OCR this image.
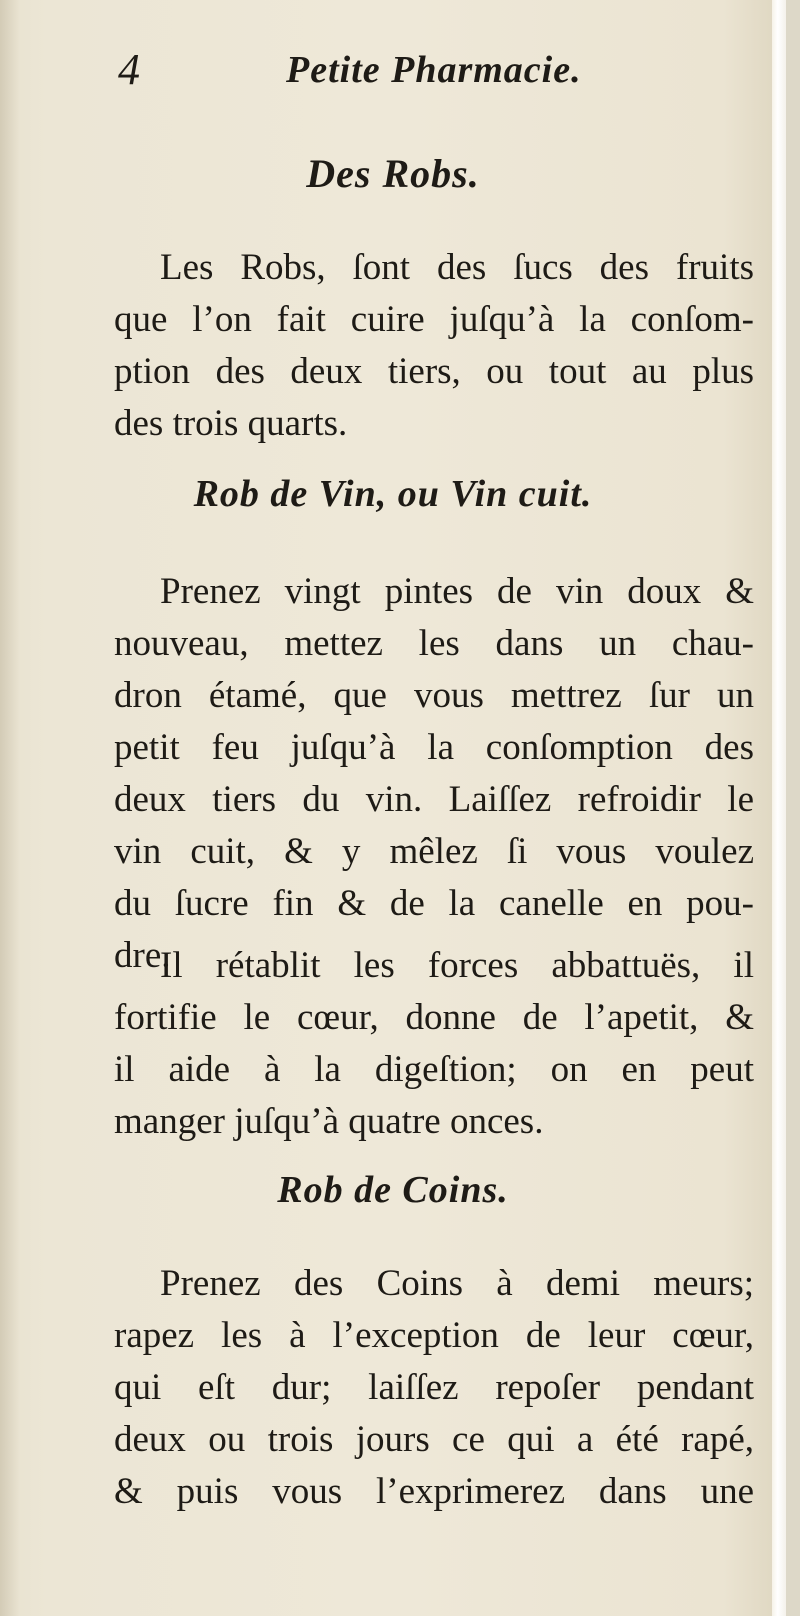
4	Petite Pharmacie.
Des Robs.
Les Robs, ſont des ſucs des fruits
que l’on fait cuire juſqu’à la conſom-
ption des deux tiers, ou tout au plus
des trois quarts.
Rob de Vin, ou Vin cuit.
Prenez vingt pintes de vin doux &
nouveau, mettez les dans un chau-
dron étamé, que vous mettrez ſur un
petit feu juſqu’à la conſomption des
deux tiers du vin. Laiſſez refroidir le
vin cuit, & y mêlez ſi vous voulez
du ſucre fin & de la canelle en pou-
dre.
Il rétablit les forces abbattuës, il
fortifie le cœur, donne de l’apetit, &
il aide à la digeſtion; on en peut
manger juſqu’à quatre onces.
Rob de Coins.
Prenez des Coins à demi meurs;
rapez les à l’exception de leur cœur,
qui eſt dur; laiſſez repoſer pendant
deux ou trois jours ce qui a été rapé,
& puis vous l’exprimerez dans une
